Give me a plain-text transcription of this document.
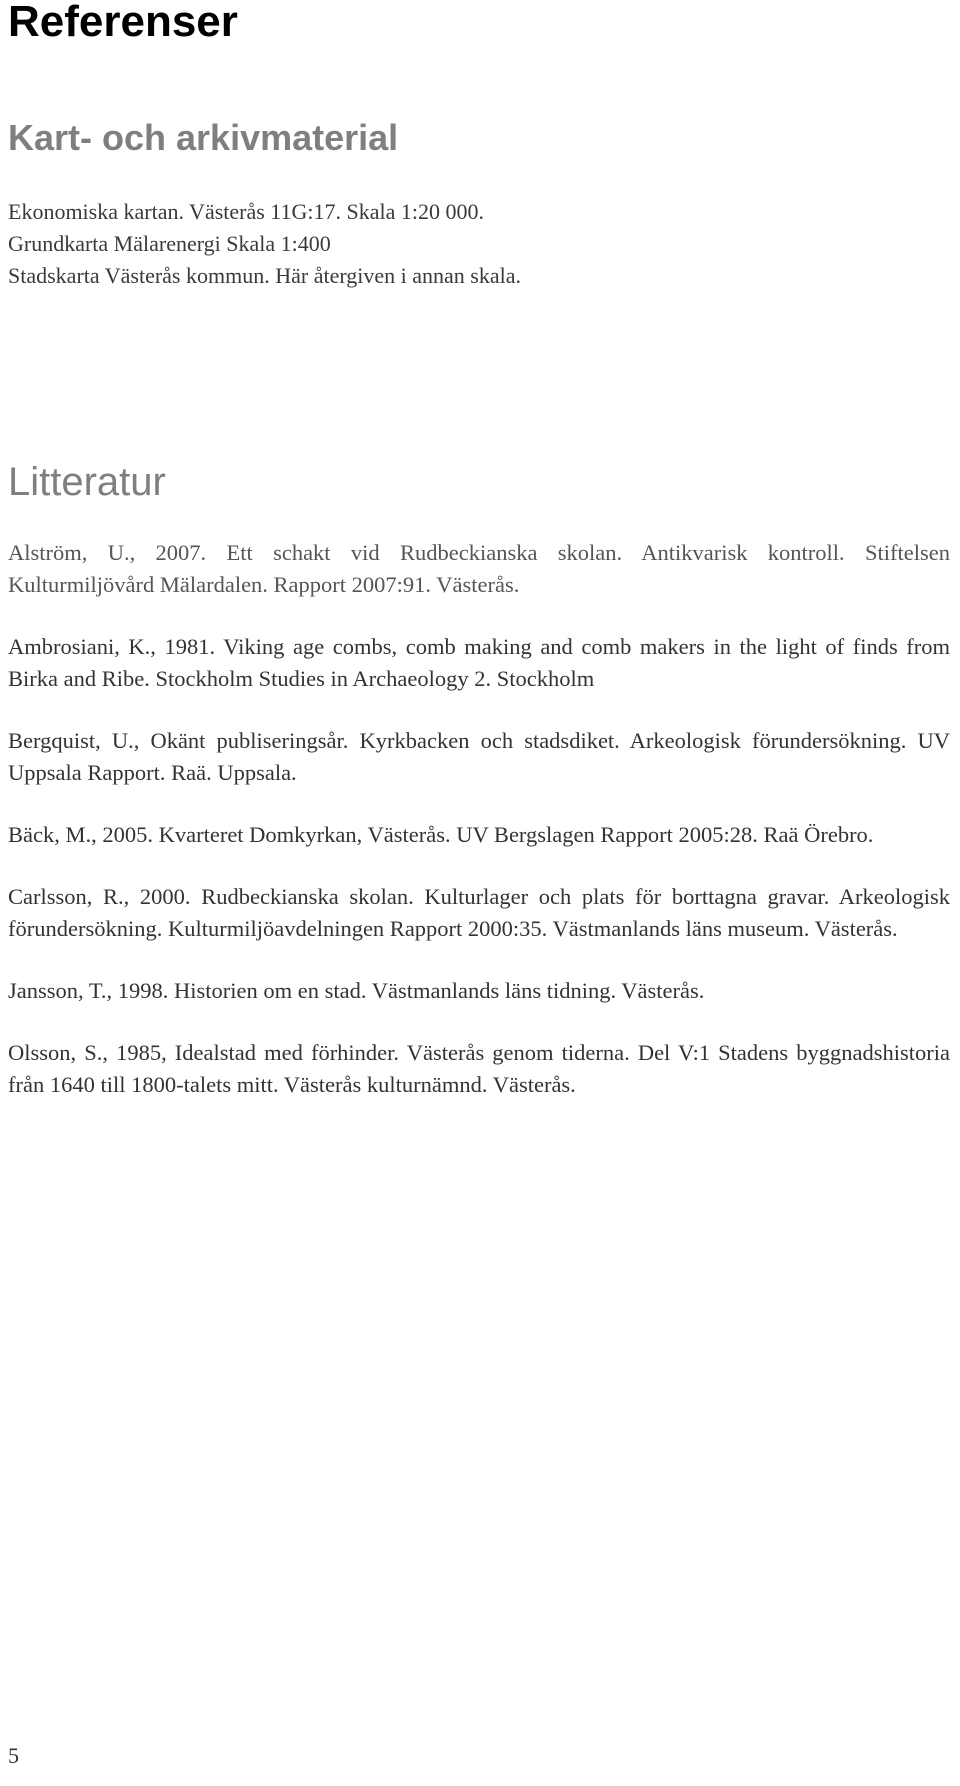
Referenser
Kart- och arkivmaterial
Ekonomiska kartan. Västerås 11G:17. Skala 1:20 000.
Grundkarta Mälarenergi Skala 1:400
Stadskarta Västerås kommun. Här återgiven i annan skala.
Litteratur

Alström, U., 2007. Ett schakt vid Rudbeckianska skolan. Antikvarisk kontroll. Stiftelsen Kulturmiljövård Mälardalen. Rapport 2007:91. Västerås.

Ambrosiani, K., 1981. Viking age combs, comb making and comb makers in the light of finds from Birka and Ribe. Stockholm Studies in Archaeology 2. Stockholm

Bergquist, U., Okänt publiseringsår. Kyrkbacken och stadsdiket. Arkeologisk förundersökning. UV Uppsala Rapport. Raä. Uppsala.

Bäck, M., 2005. Kvarteret Domkyrkan, Västerås. UV Bergslagen Rapport 2005:28. Raä Örebro.

Carlsson, R., 2000. Rudbeckianska skolan. Kulturlager och plats för borttagna gravar. Arkeologisk förundersökning. Kulturmiljöavdelningen Rapport 2000:35. Västmanlands läns museum. Västerås.

Jansson, T., 1998. Historien om en stad. Västmanlands läns tidning. Västerås.

Olsson, S., 1985, Idealstad med förhinder. Västerås genom tiderna. Del V:1 Stadens byggnadshistoria från 1640 till 1800-talets mitt. Västerås kulturnämnd. Västerås.

5
